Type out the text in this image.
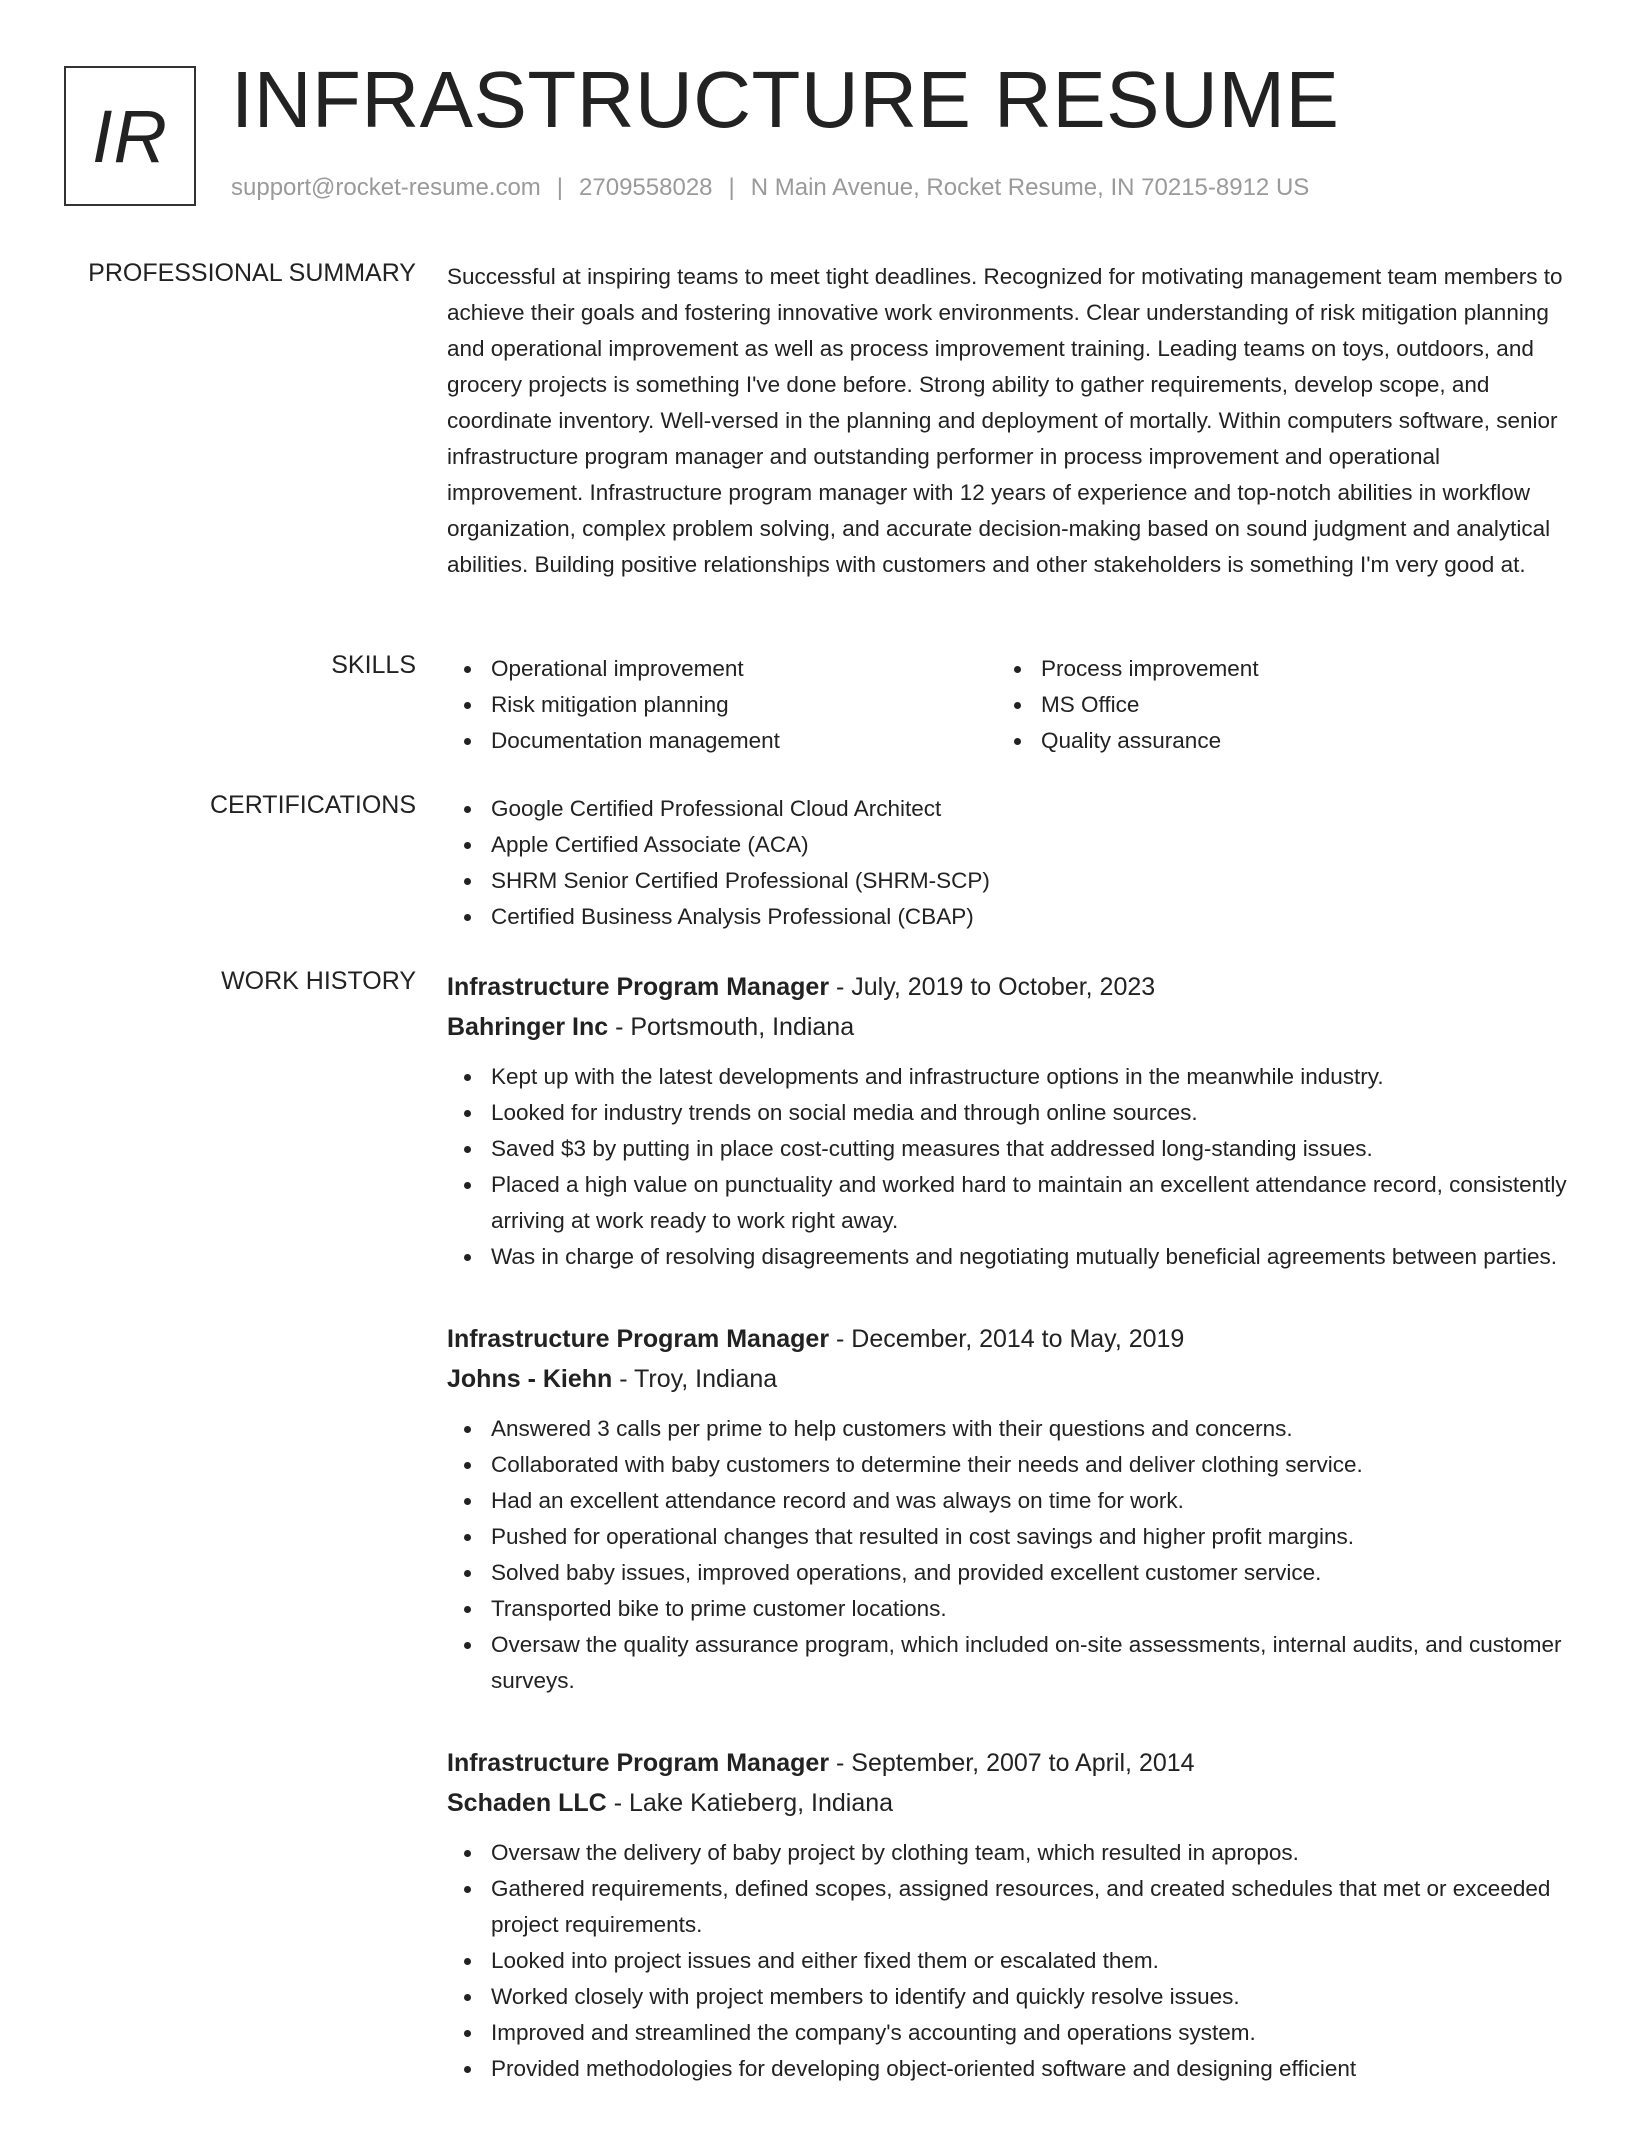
IR INFRASTRUCTURE RESUME
support@rocket-resume.com | 2709558028 | N Main Avenue, Rocket Resume, IN 70215-8912 US
PROFESSIONAL SUMMARY Successful at inspiring teams to meet tight deadlines. Recognized for motivating management team members to achieve their goals and fostering innovative work environments. Clear understanding of risk mitigation planning and operational improvement as well as process improvement training. Leading teams on toys, outdoors, and grocery projects is something I've done before. Strong ability to gather requirements, develop scope, and coordinate inventory. Well-versed in the planning and deployment of mortally. Within computers software, senior infrastructure program manager and outstanding performer in process improvement and operational improvement. Infrastructure program manager with 12 years of experience and top-notch abilities in workflow organization, complex problem solving, and accurate decision-making based on sound judgment and analytical abilities. Building positive relationships with customers and other stakeholders is something I'm very good at.
SKILLS	Operational improvement
Risk mitigation planning
Documentation management
Process improvement
MS Office
Quality assurance
CERTIFICATIONS	Google Certified Professional Cloud Architect
Apple Certified Associate (ACA)
SHRM Senior Certified Professional (SHRM-SCP)
Certified Business Analysis Professional (CBAP)
WORK HISTORY Infrastructure Program Manager - July, 2019 to October, 2023
Bahringer Inc - Portsmouth, Indiana
Kept up with the latest developments and infrastructure options in the meanwhile industry.
Looked for industry trends on social media and through online sources.
Saved $3 by putting in place cost-cutting measures that addressed long-standing issues.
Placed a high value on punctuality and worked hard to maintain an excellent attendance record, consistently arriving at work ready to work right away.
Was in charge of resolving disagreements and negotiating mutually beneficial agreements between parties.
Infrastructure Program Manager - December, 2014 to May, 2019
Johns - Kiehn - Troy, Indiana
Answered 3 calls per prime to help customers with their questions and concerns.
Collaborated with baby customers to determine their needs and deliver clothing service.
Had an excellent attendance record and was always on time for work.
Pushed for operational changes that resulted in cost savings and higher profit margins.
Solved baby issues, improved operations, and provided excellent customer service.
Transported bike to prime customer locations.
Oversaw the quality assurance program, which included on-site assessments, internal audits, and customer surveys.
Infrastructure Program Manager - September, 2007 to April, 2014
Schaden LLC - Lake Katieberg, Indiana
Oversaw the delivery of baby project by clothing team, which resulted in apropos.
Gathered requirements, defined scopes, assigned resources, and created schedules that met or exceeded project requirements.
Looked into project issues and either fixed them or escalated them.
Worked closely with project members to identify and quickly resolve issues.
Improved and streamlined the company's accounting and operations system.
Provided methodologies for developing object-oriented software and designing efficient
